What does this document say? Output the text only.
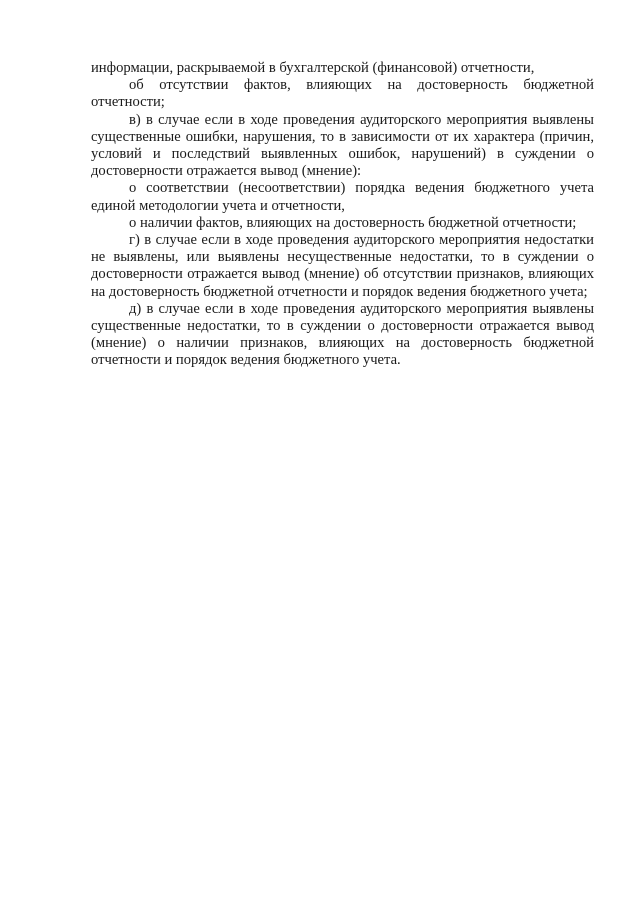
информации, раскрываемой в бухгалтерской (финансовой) отчетности,

об отсутствии фактов, влияющих на достоверность бюджетной отчетности;

в) в случае если в ходе проведения аудиторского мероприятия выявлены существенные ошибки, нарушения, то в зависимости от их характера (причин, условий и последствий выявленных ошибок, нарушений) в суждении о достоверности отражается вывод (мнение):

о соответствии (несоответствии) порядка ведения бюджетного учета единой методологии учета и отчетности,

о наличии фактов, влияющих на достоверность бюджетной отчетности;

г) в случае если в ходе проведения аудиторского мероприятия недостатки не выявлены, или выявлены несущественные недостатки, то в суждении о достоверности отражается вывод (мнение) об отсутствии признаков, влияющих на достоверность бюджетной отчетности и порядок ведения бюджетного учета;

д) в случае если в ходе проведения аудиторского мероприятия выявлены существенные недостатки, то в суждении о достоверности отражается вывод (мнение) о наличии признаков, влияющих на достоверность бюджетной отчетности и порядок ведения бюджетного учета.
